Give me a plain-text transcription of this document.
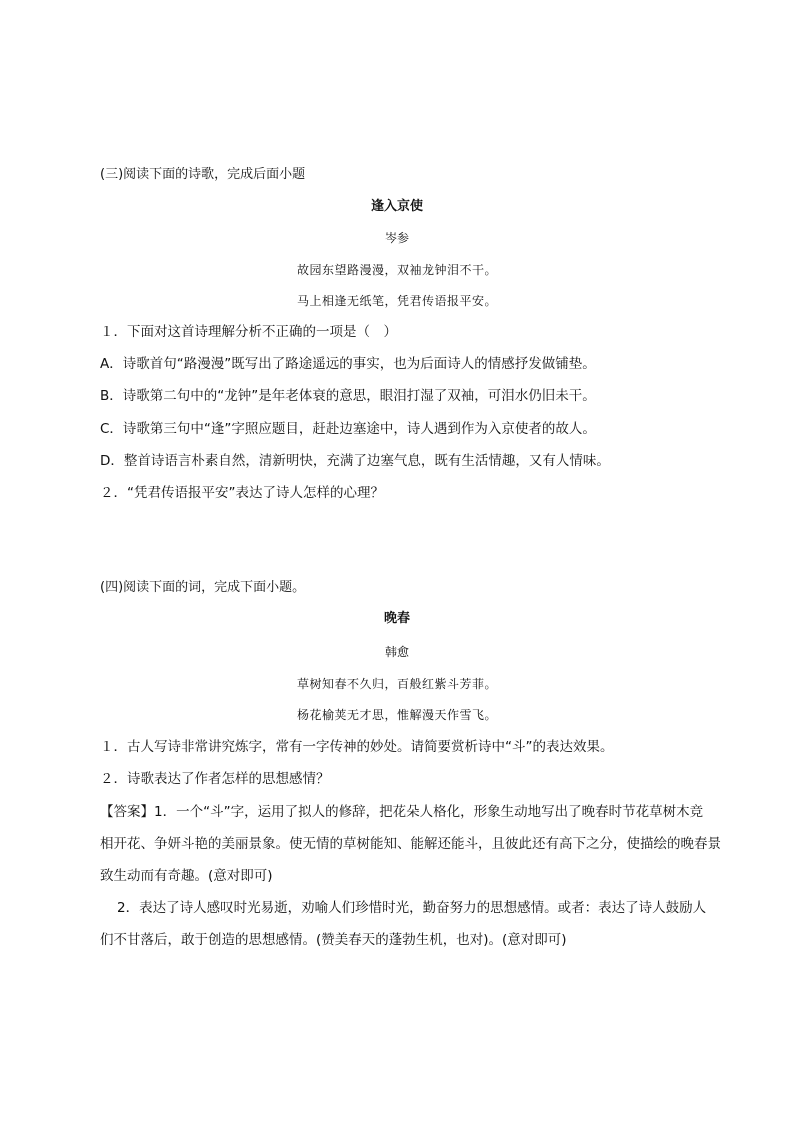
(三)阅读下面的诗歌，完成后面小题
逢入京使
岑参
故园东望路漫漫，双袖龙钟泪不干。
马上相逢无纸笔，凭君传语报平安。
１．下面对这首诗理解分析不正确的一项是（　）
A．诗歌首句“路漫漫”既写出了路途遥远的事实，也为后面诗人的情感抒发做铺垫。
B．诗歌第二句中的“龙钟”是年老体衰的意思，眼泪打湿了双袖，可泪水仍旧未干。
C．诗歌第三句中“逢”字照应题目，赶赴边塞途中，诗人遇到作为入京使者的故人。
D．整首诗语言朴素自然，清新明快，充满了边塞气息，既有生活情趣，又有人情味。
２．“凭君传语报平安”表达了诗人怎样的心理？
(四)阅读下面的词，完成下面小题。
晚春
韩愈
草树知春不久归，百般红紫斗芳菲。
杨花榆荚无才思，惟解漫天作雪飞。
１．古人写诗非常讲究炼字，常有一字传神的妙处。请简要赏析诗中“斗”的表达效果。
２．诗歌表达了作者怎样的思想感情？
【答案】1．一个“斗”字，运用了拟人的修辞，把花朵人格化，形象生动地写出了晚春时节花草树木竞
相开花、争妍斗艳的美丽景象。使无情的草树能知、能解还能斗，且彼此还有高下之分，使描绘的晚春景
致生动而有奇趣。(意对即可)
2．表达了诗人感叹时光易逝，劝喻人们珍惜时光，勤奋努力的思想感情。或者：表达了诗人鼓励人
们不甘落后，敢于创造的思想感情。(赞美春天的蓬勃生机，也对)。(意对即可)
